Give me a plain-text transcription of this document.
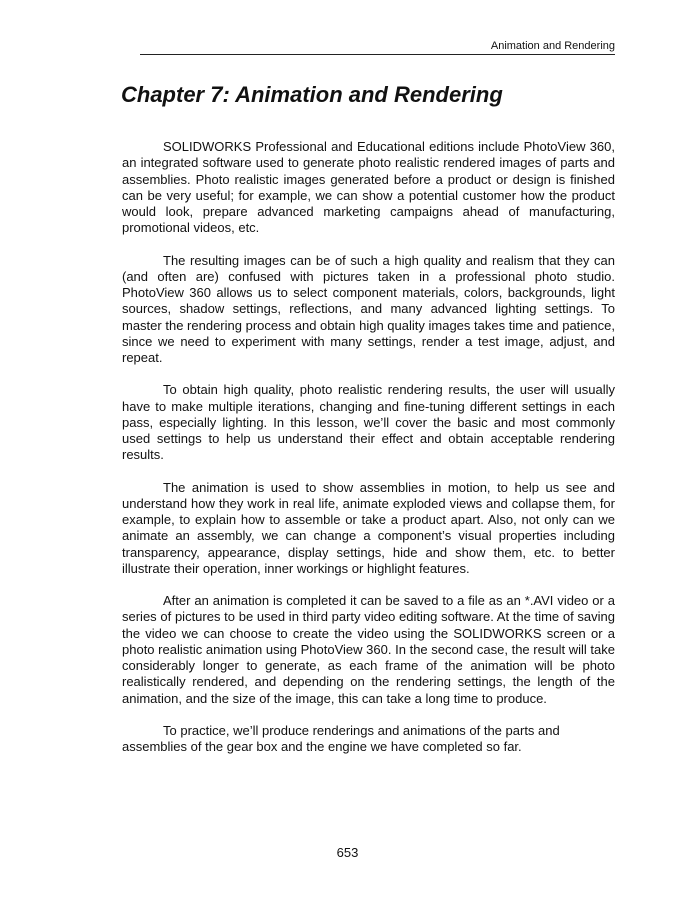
Animation and Rendering
Chapter 7: Animation and Rendering

SOLIDWORKS Professional and Educational editions include PhotoView 360, an integrated software used to generate photo realistic rendered images of parts and assemblies. Photo realistic images generated before a product or design is finished can be very useful; for example, we can show a potential customer how the product would look, prepare advanced marketing campaigns ahead of manufacturing, promotional videos, etc.

The resulting images can be of such a high quality and realism that they can (and often are) confused with pictures taken in a professional photo studio. PhotoView 360 allows us to select component materials, colors, backgrounds, light sources, shadow settings, reflections, and many advanced lighting settings. To master the rendering process and obtain high quality images takes time and patience, since we need to experiment with many settings, render a test image, adjust, and repeat.

To obtain high quality, photo realistic rendering results, the user will usually have to make multiple iterations, changing and fine-tuning different settings in each pass, especially lighting. In this lesson, we’ll cover the basic and most commonly used settings to help us understand their effect and obtain acceptable rendering results.

The animation is used to show assemblies in motion, to help us see and understand how they work in real life, animate exploded views and collapse them, for example, to explain how to assemble or take a product apart. Also, not only can we animate an assembly, we can change a component’s visual properties including transparency, appearance, display settings, hide and show them, etc. to better illustrate their operation, inner workings or highlight features.

After an animation is completed it can be saved to a file as an *.AVI video or a series of pictures to be used in third party video editing software. At the time of saving the video we can choose to create the video using the SOLIDWORKS screen or a photo realistic animation using PhotoView 360. In the second case, the result will take considerably longer to generate, as each frame of the animation will be photo realistically rendered, and depending on the rendering settings, the length of the animation, and the size of the image, this can take a long time to produce.

To practice, we’ll produce renderings and animations of the parts and assemblies of the gear box and the engine we have completed so far.

653
